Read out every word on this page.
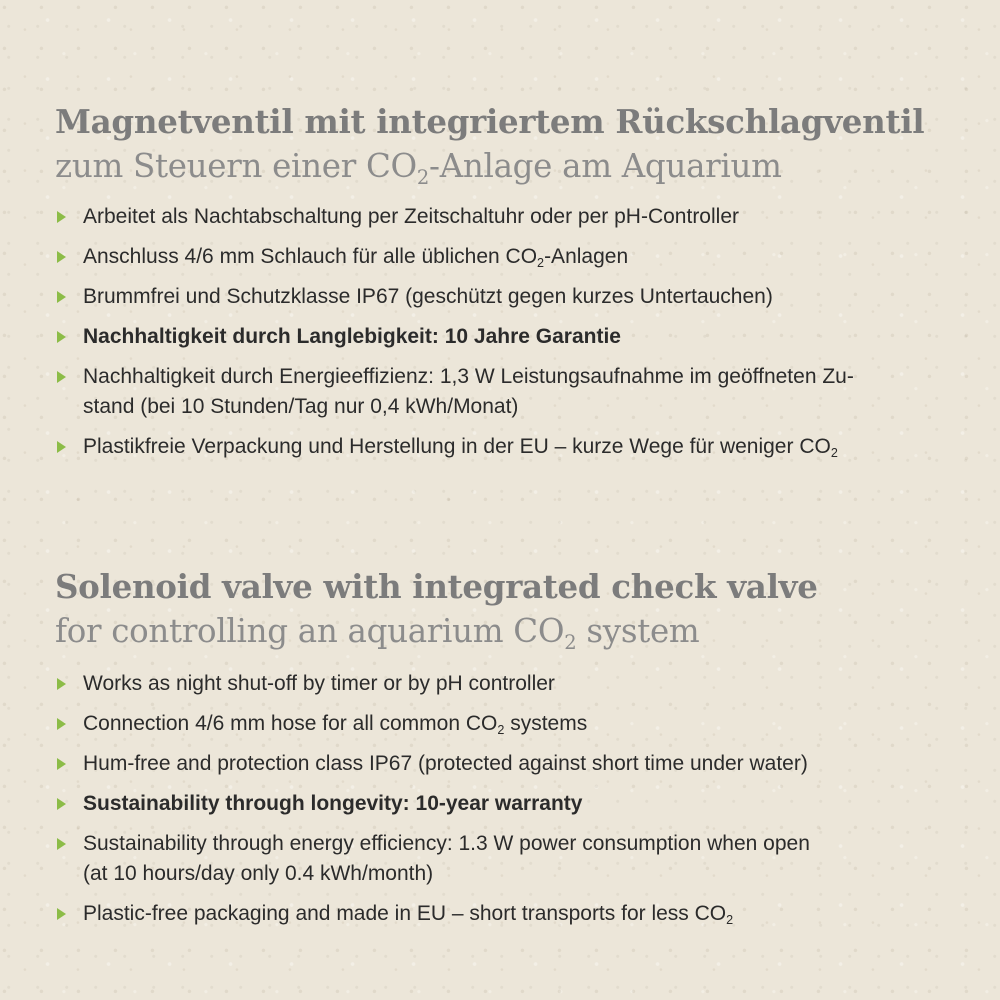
Magnetventil mit integriertem Rückschlagventil
zum Steuern einer $CO_2$-Anlage am Aquarium
Arbeitet als Nachtabschaltung per Zeitschaltuhr oder per pH-Controller
Anschluss 4/6 mm Schlauch für alle üblichen $CO_2$-Anlagen
Brummfrei und Schutzklasse IP67 (geschützt gegen kurzes Untertauchen)
Nachhaltigkeit durch Langlebigkeit: 10 Jahre Garantie
Nachhaltigkeit durch Energieeffizienz: 1,3 W Leistungsaufnahme im geöffneten Zu-
stand (bei 10 Stunden/Tag nur 0,4 kWh/Monat)
Plastikfreie Verpackung und Herstellung in der EU – kurze Wege für weniger $CO_2$
Solenoid valve with integrated check valve
for controlling an aquarium $CO_2$ system
Works as night shut-off by timer or by pH controller
Connection 4/6 mm hose for all common $CO_2$ systems
Hum-free and protection class IP67 (protected against short time under water)
Sustainability through longevity: 10-year warranty
Sustainability through energy efficiency: 1.3 W power consumption when open
(at 10 hours/day only 0.4 kWh/month)
Plastic-free packaging and made in EU – short transports for less $CO_2$
